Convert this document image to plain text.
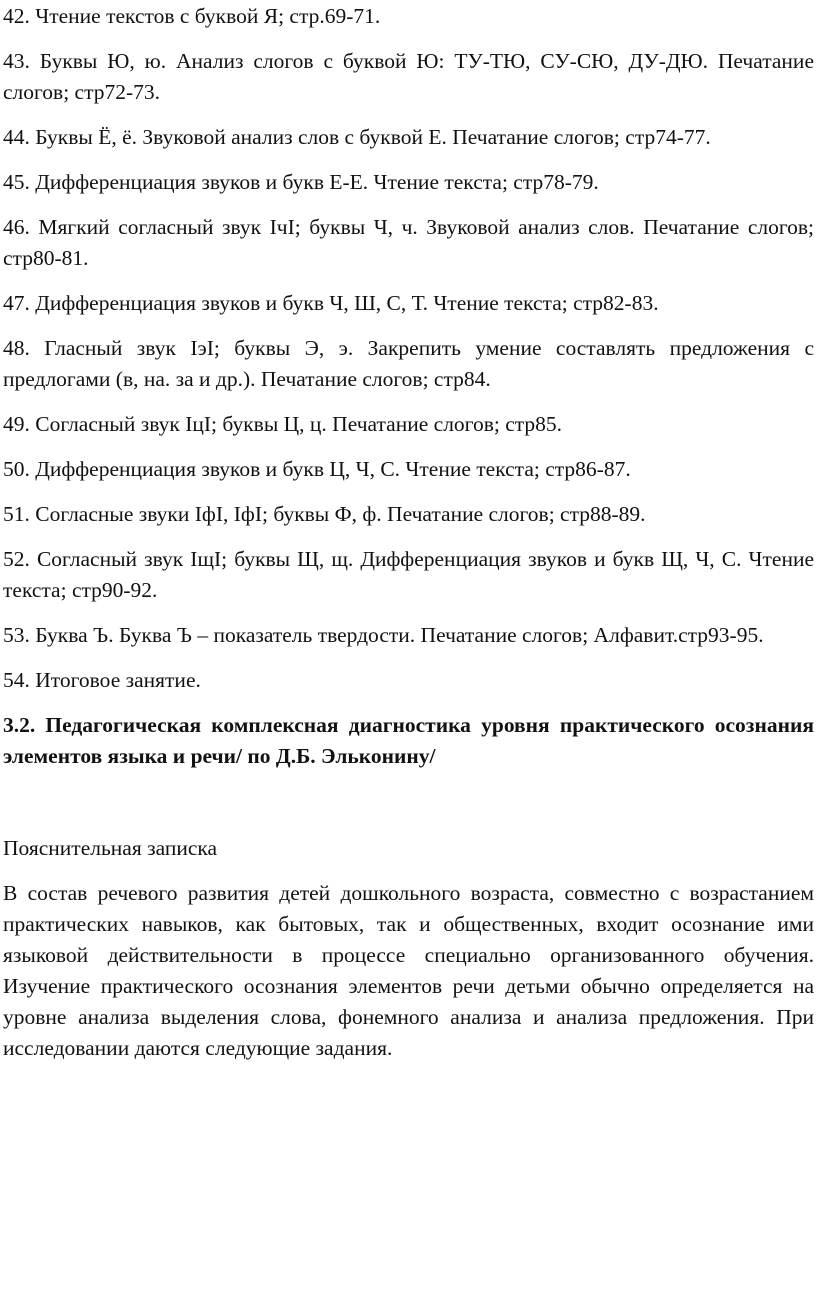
42. Чтение текстов с буквой Я; стр.69-71.

43. Буквы Ю, ю. Анализ слогов с буквой Ю: ТУ-ТЮ, СУ-СЮ, ДУ-ДЮ. Печатание слогов; стр72-73.

44. Буквы Ё, ё. Звуковой анализ слов с буквой Е. Печатание слогов; стр74-77.

45. Дифференциация звуков и букв Е-Е. Чтение текста; стр78-79.

46. Мягкий согласный звук IчI; буквы Ч, ч. Звуковой анализ слов. Печатание слогов; стр80-81.

47. Дифференциация звуков и букв Ч, Ш, С, Т. Чтение текста; стр82-83.

48. Гласный звук IэI; буквы Э, э. Закрепить умение составлять предложения с предлогами (в, на. за и др.). Печатание слогов; стр84.

49. Согласный звук IцI; буквы Ц, ц. Печатание слогов; стр85.

50. Дифференциация звуков и букв Ц, Ч, С. Чтение текста; стр86-87.

51. Согласные звуки IфI, IфI; буквы Ф, ф. Печатание слогов; стр88-89.

52. Согласный звук IщI; буквы Щ, щ. Дифференциация звуков и букв Щ, Ч, С. Чтение текста; стр90-92.

53. Буква Ъ. Буква Ъ – показатель твердости. Печатание слогов; Алфавит.стр93-95.

54. Итоговое занятие.

3.2. Педагогическая комплексная диагностика уровня практического осознания элементов языка и речи/ по Д.Б. Эльконину/

Пояснительная записка

В состав речевого развития детей дошкольного возраста, совместно с возрастанием практических навыков, как бытовых, так и общественных, входит осознание ими языковой действительности в процессе специально организованного обучения. Изучение практического осознания элементов речи детьми обычно определяется на уровне анализа выделения слова, фонемного анализа и анализа предложения. При исследовании даются следующие задания.
